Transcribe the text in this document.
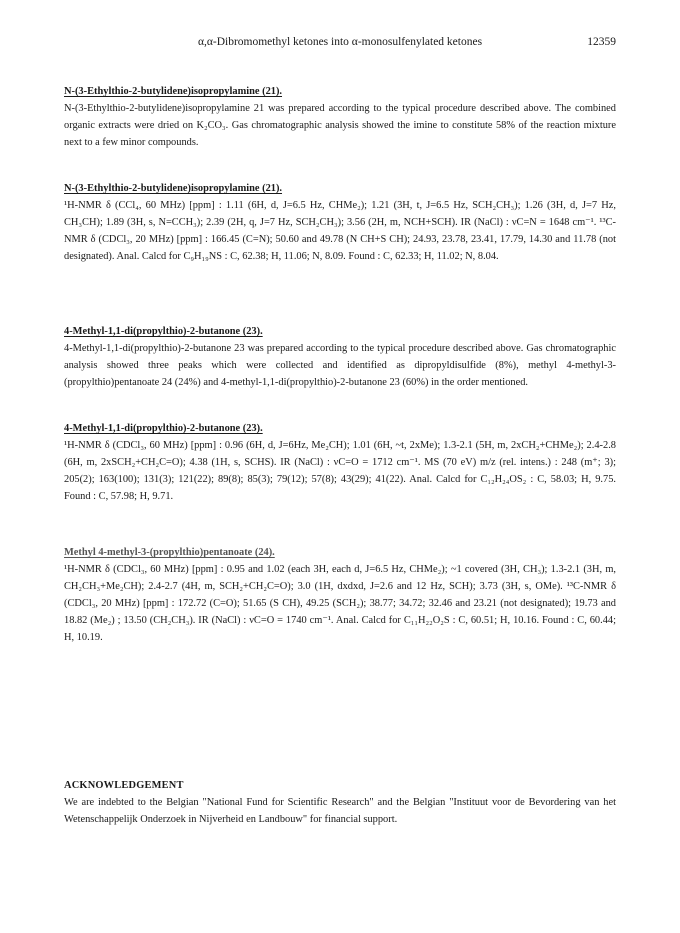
α,α-Dibromomethyl ketones into α-monosulfenylated ketones	12359
N-(3-Ethylthio-2-butylidene)isopropylamine (21).

N-(3-Ethylthio-2-butylidene)isopropylamine 21 was prepared according to the typical procedure described above. The combined organic extracts were dried on K₂CO₃. Gas chromatographic analysis showed the imine to constitute 58% of the reaction mixture next to a few minor compounds.

N-(3-Ethylthio-2-butylidene)isopropylamine (21).

¹H-NMR δ (CCl₄, 60 MHz) [ppm] : 1.11 (6H, d, J=6.5 Hz, CHMe₂); 1.21 (3H, t, J=6.5 Hz, SCH₂CH₃); 1.26 (3H, d, J=7 Hz, CH₃CH); 1.89 (3H, s, N=CCH₃); 2.39 (2H, q, J=7 Hz, SCH₂CH₃); 3.56 (2H, m, NCH+SCH). IR (NaCl) : νC=N = 1648 cm⁻¹. ¹³C-NMR δ (CDCl₃, 20 MHz) [ppm] : 166.45 (C=N); 50.60 and 49.78 (N CH+S CH); 24.93, 23.78, 23.41, 17.79, 14.30 and 11.78 (not designated). Anal. Calcd for C₉H₁₉NS : C, 62.38; H, 11.06; N, 8.09. Found : C, 62.33; H, 11.02; N, 8.04.

4-Methyl-1,1-di(propylthio)-2-butanone (23).

4-Methyl-1,1-di(propylthio)-2-butanone 23 was prepared according to the typical procedure described above. Gas chromatographic analysis showed three peaks which were collected and identified as dipropyldisulfide (8%), methyl 4-methyl-3-(propylthio)pentanoate 24 (24%) and 4-methyl-1,1-di(propylthio)-2-butanone 23 (60%) in the order mentioned.

4-Methyl-1,1-di(propylthio)-2-butanone (23).

¹H-NMR δ (CDCl₃, 60 MHz) [ppm] : 0.96 (6H, d, J=6Hz, Me₂CH); 1.01 (6H, ~t, 2xMe); 1.3-2.1 (5H, m, 2xCH₂+CHMe₂); 2.4-2.8 (6H, m, 2xSCH₂+CH₂C=O); 4.38 (1H, s, SCHS). IR (NaCl) : νC=O = 1712 cm⁻¹. MS (70 eV) m/z (rel. intens.) : 248 (m⁺; 3); 205(2); 163(100); 131(3); 121(22); 89(8); 85(3); 79(12); 57(8); 43(29); 41(22). Anal. Calcd for C₁₂H₂₄OS₂ : C, 58.03; H, 9.75. Found : C, 57.98; H, 9.71.

Methyl 4-methyl-3-(propylthio)pentanoate (24).

¹H-NMR δ (CDCl₃, 60 MHz) [ppm] : 0.95 and 1.02 (each 3H, each d, J=6.5 Hz, CHMe₂); ~1 covered (3H, CH₃); 1.3-2.1 (3H, m, CH₂CH₃+Me₂CH); 2.4-2.7 (4H, m, SCH₂+CH₂C=O); 3.0 (1H, dxdxd, J=2.6 and 12 Hz, SCH); 3.73 (3H, s, OMe). ¹³C-NMR δ (CDCl₃, 20 MHz) [ppm] : 172.72 (C=O); 51.65 (S CH), 49.25 (SCH₂); 38.77; 34.72; 32.46 and 23.21 (not designated); 19.73 and 18.82 (Me₂) ; 13.50 (CH₂CH₃). IR (NaCl) : νC=O = 1740 cm⁻¹. Anal. Calcd for C₁₁H₂₂O₂S : C, 60.51; H, 10.16. Found : C, 60.44; H, 10.19.

ACKNOWLEDGEMENT

We are indebted to the Belgian "National Fund for Scientific Research" and the Belgian "Instituut voor de Bevordering van het Wetenschappelijk Onderzoek in Nijverheid en Landbouw" for financial support.
